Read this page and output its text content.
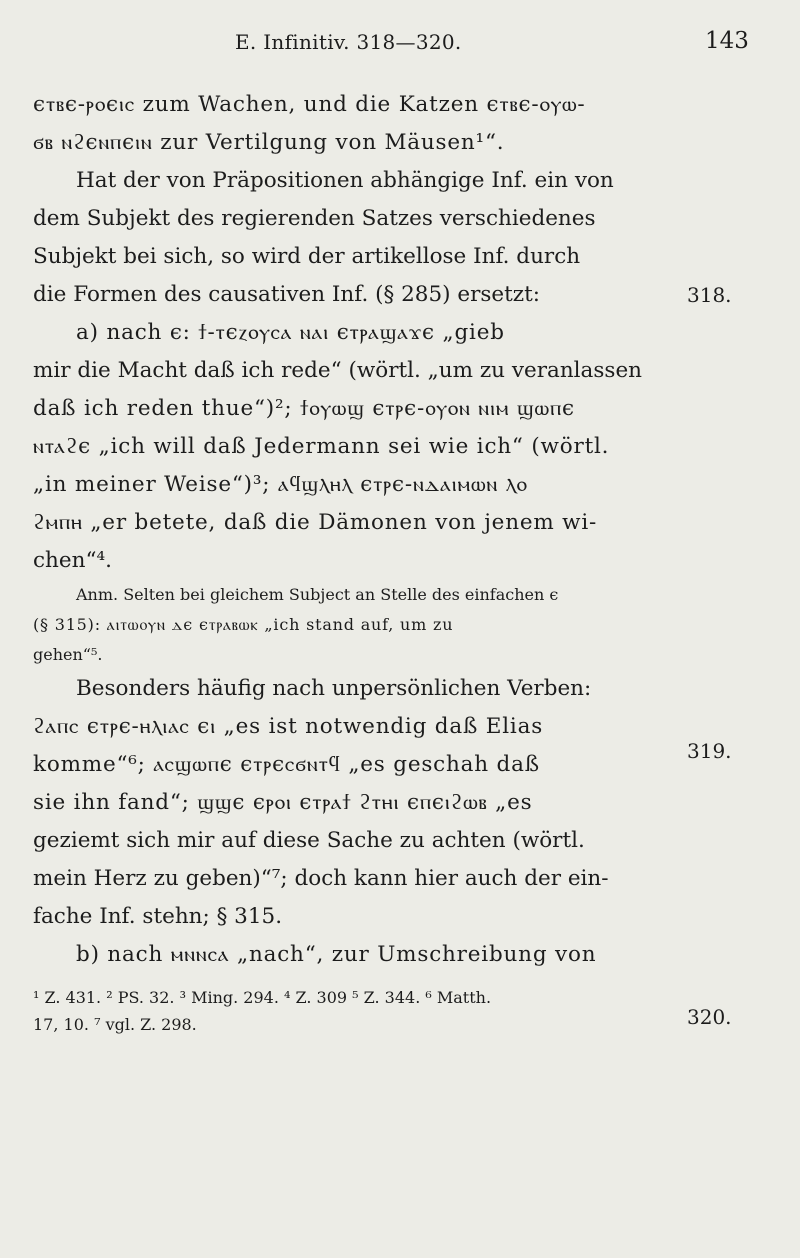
E. Infinitiv. 318—320.	143
ϵⲧⲃϵ-ⲣⲟϵⲓⲥ zum Wachen, und die Katzen ϵⲧⲃϵ-ⲟⲩⲱ-
ϭⲃ ⲛϩϵⲛⲡϵⲓⲛ zur Vertilgung von Mäusen¹“.
Hat der von Präpositionen abhängige Inf. ein von
dem Subjekt des regierenden Satzes verschiedenes
Subjekt bei sich, so wird der artikellose Inf. durch
die Formen des causativen Inf. (§ 285) ersetzt:
a) nach ϵ: ϯ-ⲧϵⲍⲟⲩⲥⲁ ⲛⲁⲓ ϵⲧⲣⲁϣⲁϫϵ „gieb
mir die Macht daß ich rede“ (wörtl. „um zu veranlassen
daß ich reden thue“)²; ϯⲟⲩⲱϣ ϵⲧⲣϵ-ⲟⲩⲟⲛ ⲛⲓⲙ ϣⲱⲡϵ
ⲛⲧⲁϩϵ „ich will daß Jedermann sei wie ich“ (wörtl.
„in meiner Weise“)³; ⲁϥϣⲗⲏⲗ ϵⲧⲣϵ-ⲛⲇⲁⲓⲙⲱⲛ ⲗⲟ
ϩⲙⲡⲏ „er betete, daß die Dämonen von jenem wi-
chen“⁴.
Anm. Selten bei gleichem Subject an Stelle des einfachen ϵ
(§ 315): ⲁⲓⲧⲱⲟⲩⲛ ⲇϵ ϵⲧⲣⲁⲃⲱⲕ „ich stand auf, um zu
gehen“⁵.
Besonders häufig nach unpersönlichen Verben:
ϩⲁⲡⲥ ϵⲧⲣϵ-ⲏⲗⲓⲁⲥ ϵⲓ „es ist notwendig daß Elias
komme“⁶; ⲁⲥϣⲱⲡϵ ϵⲧⲣϵⲥϭⲛⲧϥ „es geschah daß
sie ihn fand“; ϣϣϵ ϵⲣⲟⲓ ϵⲧⲣⲁϯ ϩⲧⲏⲓ ϵⲡϵⲓϩⲱⲃ „es
geziemt sich mir auf diese Sache zu achten (wörtl.
mein Herz zu geben)“⁷; doch kann hier auch der ein-
fache Inf. stehn; § 315.
b) nach ⲙⲛⲛⲥⲁ „nach“, zur Umschreibung von
¹ Z. 431. ² PS. 32. ³ Ming. 294. ⁴ Z. 309 ⁵ Z. 344. ⁶ Matth.
17, 10. ⁷ vgl. Z. 298.
318.
319.
320.
